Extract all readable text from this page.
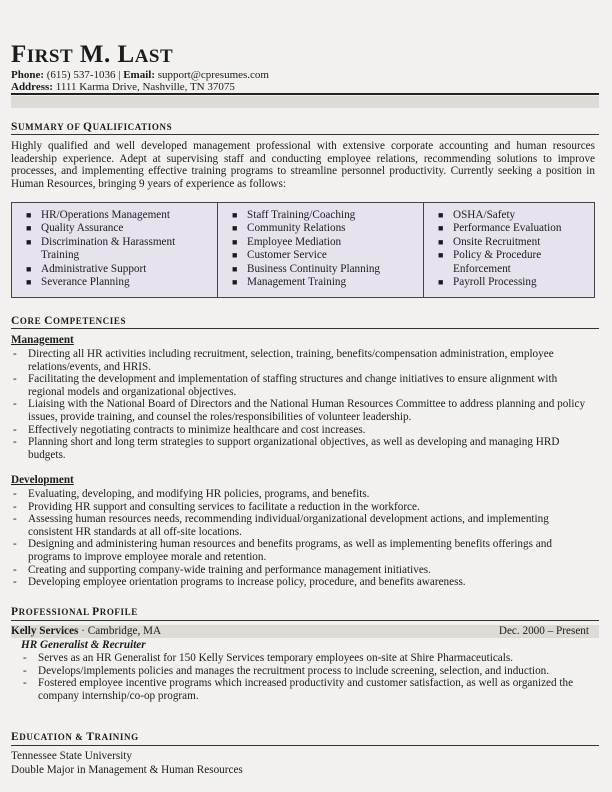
FIRST M. LAST
Phone: (615) 537-1036 | Email: support@cpresumes.com
Address: 1111 Karma Drive, Nashville, TN 37075
SUMMARY OF QUALIFICATIONS
Highly qualified and well developed management professional with extensive corporate accounting and human resources leadership experience. Adept at supervising staff and conducting employee relations, recommending solutions to improve processes, and implementing effective training programs to streamline personnel productivity. Currently seeking a position in Human Resources, bringing 9 years of experience as follows:
■ HR/Operations Management
■ Quality Assurance
■ Discrimination & Harassment Training
■ Administrative Support
■ Severance Planning
■ Staff Training/Coaching
■ Community Relations
■ Employee Mediation
■ Customer Service
■ Business Continuity Planning
■ Management Training
■ OSHA/Safety
■ Performance Evaluation
■ Onsite Recruitment
■ Policy & Procedure Enforcement
■ Payroll Processing
CORE COMPETENCIES
Management
- Directing all HR activities including recruitment, selection, training, benefits/compensation administration, employee relations/events, and HRIS.
- Facilitating the development and implementation of staffing structures and change initiatives to ensure alignment with regional models and organizational objectives.
- Liaising with the National Board of Directors and the National Human Resources Committee to address planning and policy issues, provide training, and counsel the roles/responsibilities of volunteer leadership.
- Effectively negotiating contracts to minimize healthcare and cost increases.
- Planning short and long term strategies to support organizational objectives, as well as developing and managing HRD budgets.
Development
- Evaluating, developing, and modifying HR policies, programs, and benefits.
- Providing HR support and consulting services to facilitate a reduction in the workforce.
- Assessing human resources needs, recommending individual/organizational development actions, and implementing consistent HR standards at all off-site locations.
- Designing and administering human resources and benefits programs, as well as implementing benefits offerings and programs to improve employee morale and retention.
- Creating and supporting company-wide training and performance management initiatives.
- Developing employee orientation programs to increase policy, procedure, and benefits awareness.
PROFESSIONAL PROFILE
Kelly Services · Cambridge, MA	Dec. 2000 – Present
HR Generalist & Recruiter
- Serves as an HR Generalist for 150 Kelly Services temporary employees on-site at Shire Pharmaceuticals.
- Develops/implements policies and manages the recruitment process to include screening, selection, and induction.
- Fostered employee incentive programs which increased productivity and customer satisfaction, as well as organized the company internship/co-op program.
EDUCATION & TRAINING
Tennessee State University
Double Major in Management & Human Resources
